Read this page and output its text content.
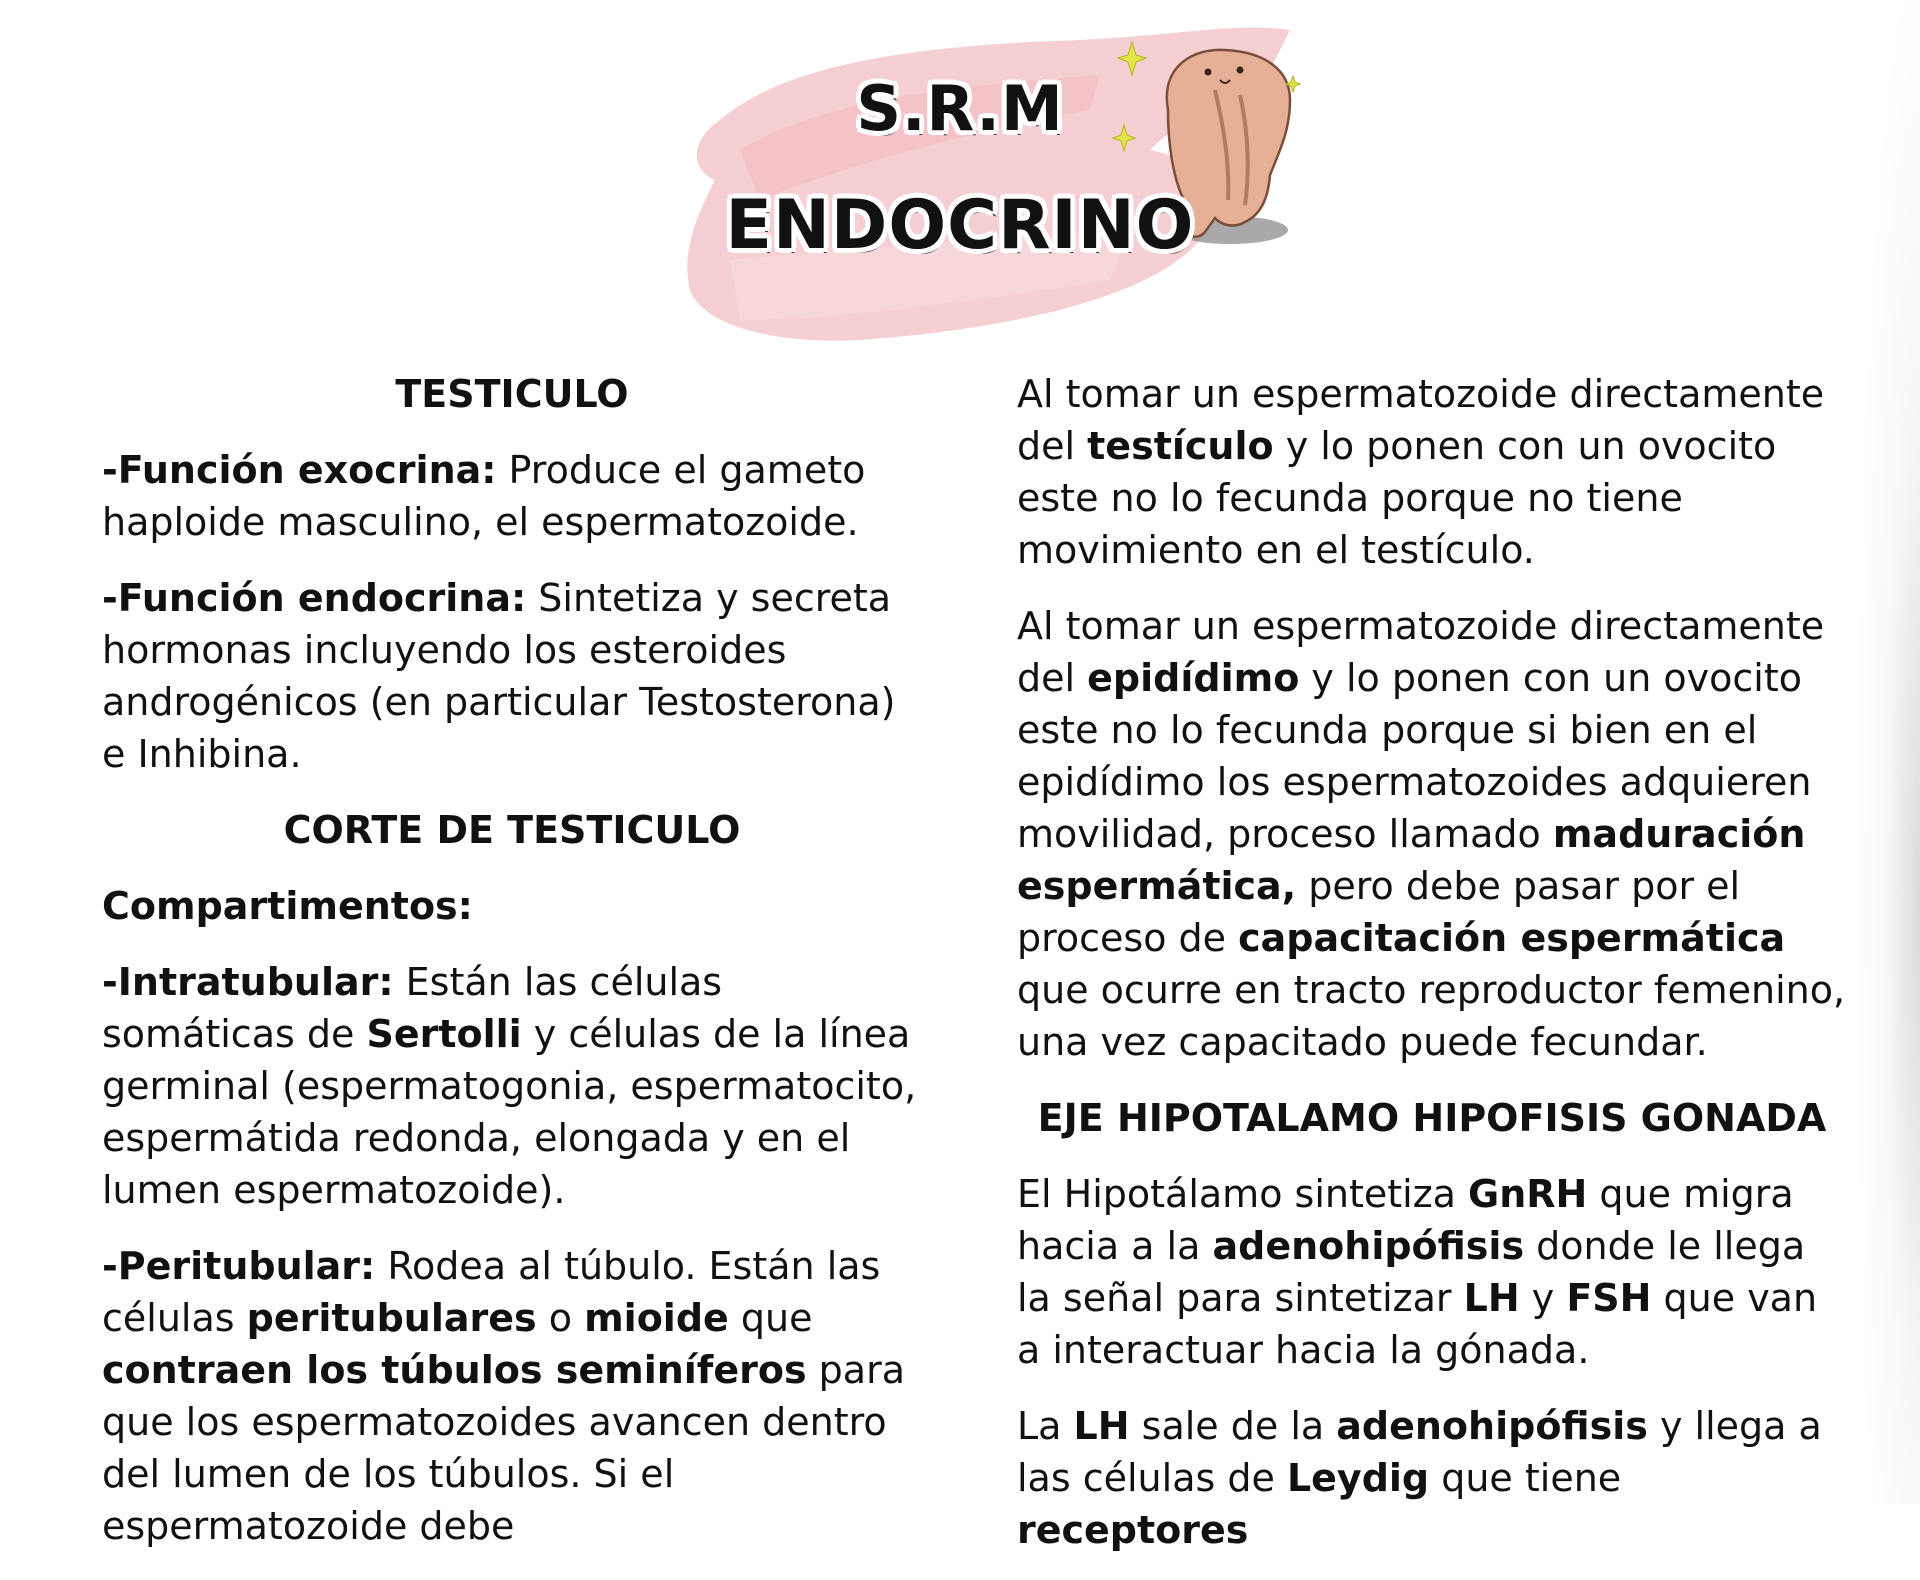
S.R.M
ENDOCRINO
TESTICULO

-Función exocrina: Produce el gameto haploide masculino, el espermatozoide.

-Función endocrina: Sintetiza y secreta hormonas incluyendo los esteroides androgénicos (en particular Testosterona) e Inhibina.

CORTE DE TESTICULO

Compartimentos:

-Intratubular: Están las células somáticas de Sertolli y células de la línea germinal (espermatogonia, espermatocito, espermátida redonda, elongada y en el lumen espermatozoide).

-Peritubular: Rodea al túbulo. Están las células peritubulares o mioide que contraen los túbulos seminíferos para que los espermatozoides avancen dentro del lumen de los túbulos. Si el espermatozoide debe

Al tomar un espermatozoide directamente del testículo y lo ponen con un ovocito este no lo fecunda porque no tiene movimiento en el testículo.

Al tomar un espermatozoide directamente del epidídimo y lo ponen con un ovocito este no lo fecunda porque si bien en el epidídimo los espermatozoides adquieren movilidad, proceso llamado maduración espermática, pero debe pasar por el proceso de capacitación espermática que ocurre en tracto reproductor femenino, una vez capacitado puede fecundar.

EJE HIPOTALAMO HIPOFISIS GONADA

El Hipotálamo sintetiza GnRH que migra hacia a la adenohipófisis donde le llega la señal para sintetizar LH y FSH que van a interactuar hacia la gónada.

La LH sale de la adenohipófisis y llega a las células de Leydig que tiene receptores
